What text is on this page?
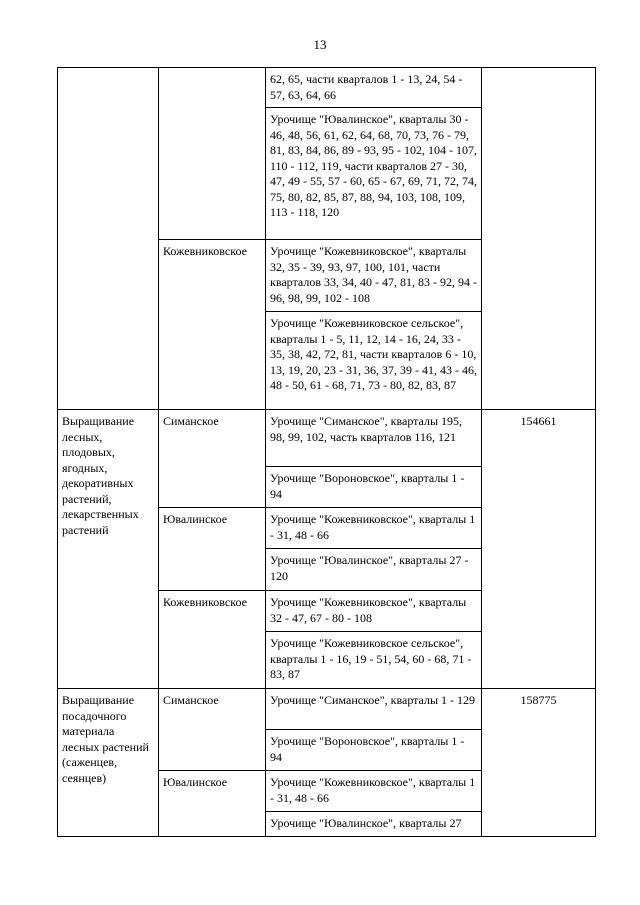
13
		62, 65, части кварталов 1 - 13, 24, 54 - 57, 63, 64, 66	
		Урочище "Ювалинское", кварталы 30 - 46, 48, 56, 61, 62, 64, 68, 70, 73, 76 - 79, 81, 83, 84, 86, 89 - 93, 95 - 102, 104 - 107, 110 - 112, 119, части кварталов 27 - 30, 47, 49 - 55, 57 - 60, 65 - 67, 69, 71, 72, 74, 75, 80, 82, 85, 87, 88, 94, 103, 108, 109, 113 - 118, 120	
	Кожевниковское	Урочище "Кожевниковское", кварталы 32, 35 - 39, 93, 97, 100, 101, части кварталов 33, 34, 40 - 47, 81, 83 - 92, 94 - 96, 98, 99, 102 - 108	
		Урочище "Кожевниковское сельское", кварталы 1 - 5, 11, 12, 14 - 16, 24, 33 - 35, 38, 42, 72, 81, части кварталов 6 - 10, 13, 19, 20, 23 - 31, 36, 37, 39 - 41, 43 - 46, 48 - 50, 61 - 68, 71, 73 - 80, 82, 83, 87	
Выращивание лесных, плодовых, ягодных, декоративных растений, лекарственных растений	Симанское	Урочище "Симанское", кварталы 195, 98, 99, 102, часть кварталов 116, 121	154661
		Урочище "Вороновское", кварталы 1 - 94	
	Ювалинское	Урочище "Кожевниковское", кварталы 1 - 31, 48 - 66	
		Урочище "Ювалинское", кварталы 27 - 120	
	Кожевниковское	Урочище "Кожевниковское", кварталы 32 - 47, 67 - 80 - 108	
		Урочище "Кожевниковское сельское", кварталы 1 - 16, 19 - 51, 54, 60 - 68, 71 - 83, 87	
Выращивание посадочного материала лесных растений (саженцев, сеянцев)	Симанское	Урочище "Симанское", кварталы 1 - 129	158775
		Урочище "Вороновское", кварталы 1 - 94	
	Ювалинское	Урочище "Кожевниковское", кварталы 1 - 31, 48 - 66	
		Урочище "Ювалинское", кварталы 27	
